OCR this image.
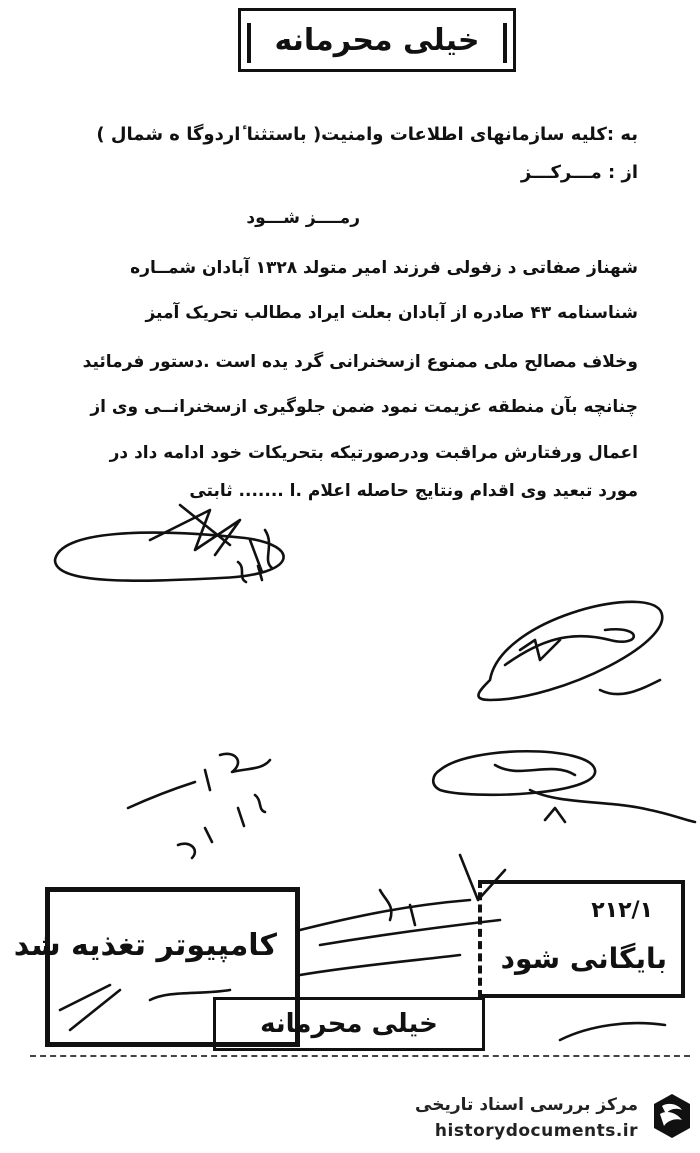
خیلی محرمانه
به :کلیه سازمانهای اطلاعات وامنیت( باستثنا ٔاردوگا ه شمال )
از : مـــرکـــز
رمــــز شـــود
شهناز صفاتی د زفولی فرزند امیر متولد ۱۳۲۸ آبادان شمــاره
شناسنامه ۴۳ صادره از آبادان بعلت ایراد مطالب تحریک آمیز
وخلاف مصالح ملی ممنوع ازسخنرانی گرد یده است .دستور فرمائید
چنانچه بآن منطقه عزیمت نمود ضمن جلوگیری ازسخنرانــی وی از
اعمال ورفتارش مراقبت ودرصورتیکه بتحریکات خود ادامه داد در
مورد تبعید وی اقدام ونتایج حاصله اعلام .ا ....... ثابتی
کامپیوتر تغذیه شد
۲۱۲/۱
بایگانی شود
خیلی محرمانه
مرکز بررسی اسناد تاریخی
historydocuments.ir
